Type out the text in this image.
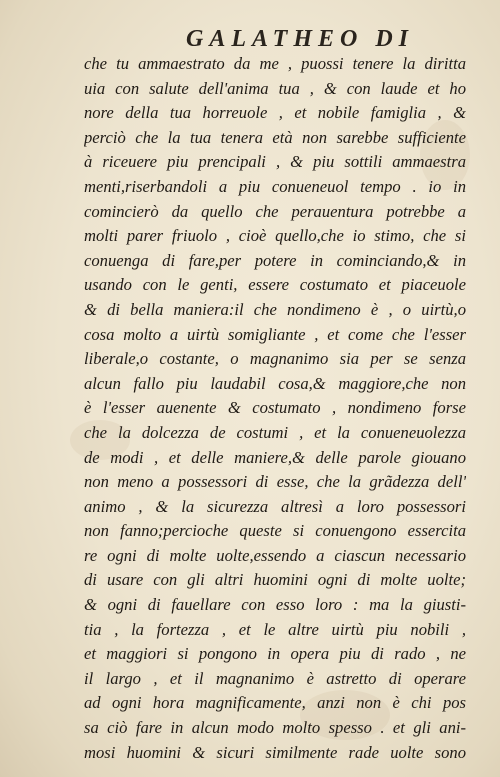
GALATHEO DI
che tu ammaestrato da me , puossi tenere la diritta
uia con salute dell'anima tua , & con laude et ho
nore della tua horreuole , et nobile famiglia , &
perciò che la tua tenera età non sarebbe sufficiente
à riceuere piu prencipali , & piu sottili ammaestra
menti,riserbandoli a piu conueneuol tempo . io in
comincierò da quello che perauentura potrebbe a
molti parer friuolo , cioè quello,che io stimo, che si
conuenga di fare,per potere in cominciando,& in
usando con le genti, essere costumato et piaceuole
& di bella maniera:il che nondimeno è , o uirtù,o
cosa molto a uirtù somigliante , et come che l'esser
liberale,o costante, o magnanimo sia per se senza
alcun fallo piu laudabil cosa,& maggiore,che non
è l'esser auenente & costumato , nondimeno forse
che la dolcezza de costumi , et la conueneuolezza
de modi , et delle maniere,& delle parole giouano
non meno a possessori di esse, che la grãdezza dell'
animo , & la sicurezza altresì a loro possessori
non fanno;percioche queste si conuengono essercita
re ogni di molte uolte,essendo a ciascun necessario
di usare con gli altri huomini ogni di molte uolte;
& ogni di fauellare con esso loro : ma la giusti-
tia , la fortezza , et le altre uirtù piu nobili ,
et maggiori si pongono in opera piu di rado , ne
il largo , et il magnanimo è astretto di operare
ad ogni hora magnificamente, anzi non è chi pos
sa ciò fare in alcun modo molto spesso . et gli ani-
mosi huomini & sicuri similmente rade uolte sono
